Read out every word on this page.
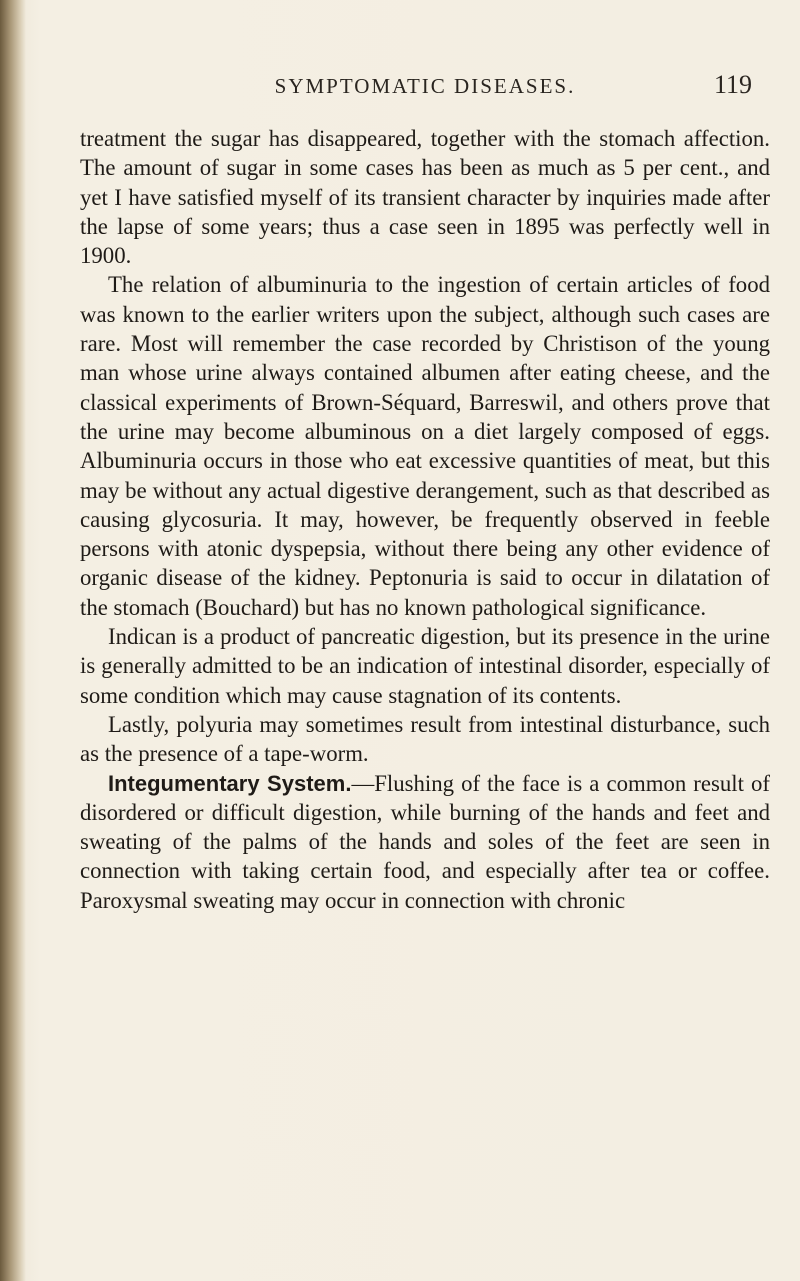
SYMPTOMATIC DISEASES.	119

treatment the sugar has disappeared, together with the stomach affection. The amount of sugar in some cases has been as much as 5 per cent., and yet I have satisfied myself of its transient character by inquiries made after the lapse of some years; thus a case seen in 1895 was perfectly well in 1900.

The relation of albuminuria to the ingestion of certain articles of food was known to the earlier writers upon the subject, although such cases are rare. Most will remember the case recorded by Christison of the young man whose urine always contained albumen after eating cheese, and the classical experiments of Brown-Séquard, Barreswil, and others prove that the urine may become albuminous on a diet largely composed of eggs. Albuminuria occurs in those who eat excessive quantities of meat, but this may be without any actual digestive derangement, such as that described as causing glycosuria. It may, however, be frequently observed in feeble persons with atonic dyspepsia, without there being any other evidence of organic disease of the kidney. Peptonuria is said to occur in dilatation of the stomach (Bouchard) but has no known pathological significance.

Indican is a product of pancreatic digestion, but its presence in the urine is generally admitted to be an indication of intestinal disorder, especially of some condition which may cause stagnation of its contents.

Lastly, polyuria may sometimes result from intestinal disturbance, such as the presence of a tape-worm.

Integumentary System.—Flushing of the face is a common result of disordered or difficult digestion, while burning of the hands and feet and sweating of the palms of the hands and soles of the feet are seen in connection with taking certain food, and especially after tea or coffee. Paroxysmal sweating may occur in connection with chronic
